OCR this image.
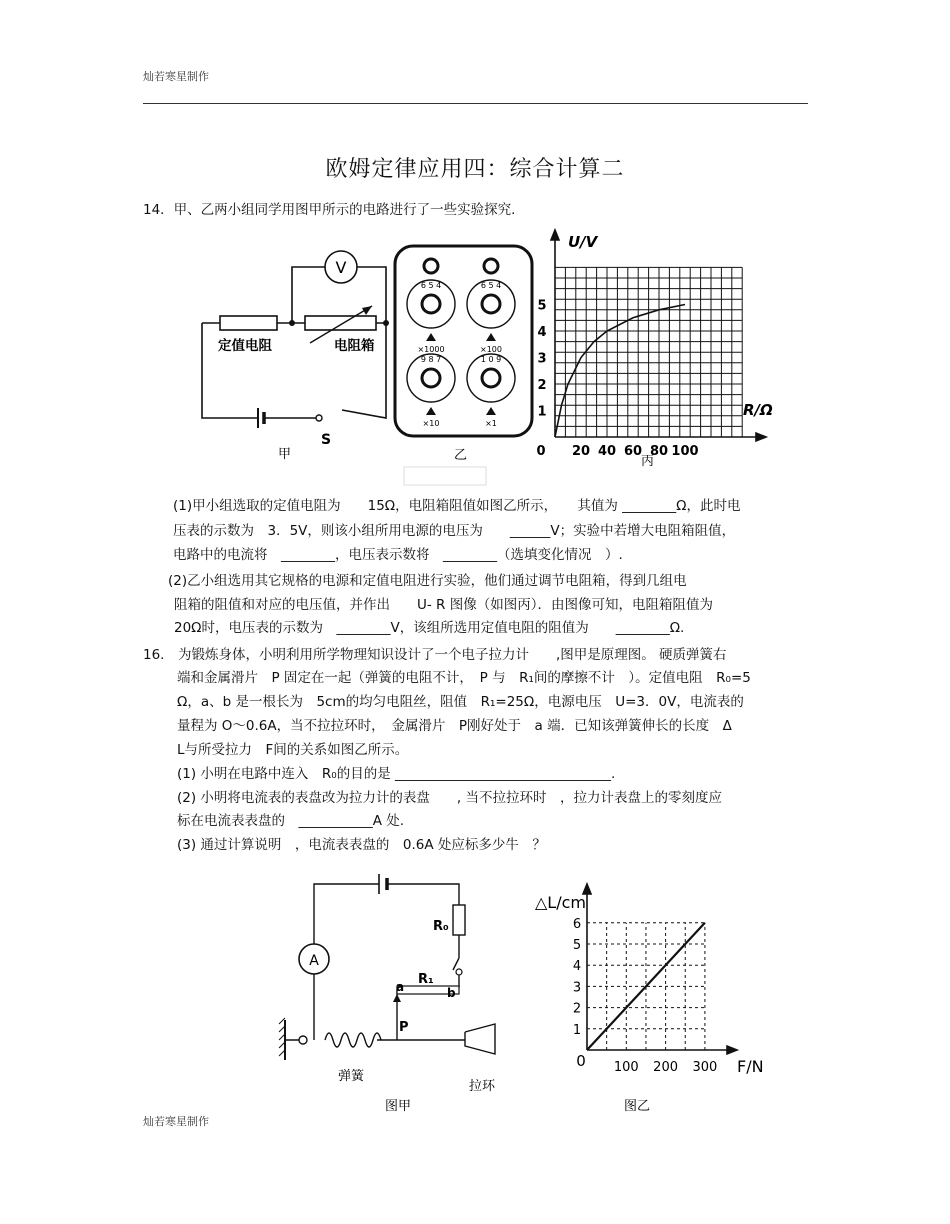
灿若寒星制作
欧姆定律应用四：综合计算二
14．甲、乙两小组同学用图甲所示的电路进行了一些实验探究.
V
定值电阻	电阻箱
S
甲
6 5 4
×1000
6 5 4
×100
9 8 7
×10
1 0 9
×1
乙	0 20 40 60 80 100
1
2
3
4
5
U/V
R/Ω
丙
(1)甲小组选取的定值电阻为　　15Ω，电阻箱阻值如图乙所示，　　其值为 ________Ω，此时电
压表的示数为　3．5V，则该小组所用电源的电压为　　______V；实验中若增大电阻箱阻值，
电路中的电流将　________，电压表示数将　________（选填变化情况　）.
(2)乙小组选用其它规格的电源和定值电阻进行实验，他们通过调节电阻箱，得到几组电
阻箱的阻值和对应的电压值，并作出　　U- R 图像（如图丙）．由图像可知，电阻箱阻值为
20Ω时，电压表的示数为　________V，该组所选用定值电阻的阻值为　　________Ω.
16.　为锻炼身体，小明利用所学物理知识设计了一个电子拉力计　　,图甲是原理图。 硬质弹簧右
端和金属滑片　P 固定在一起（弹簧的电阻不计，　P 与　R₁间的摩擦不计　）。定值电阻　R₀=5
Ω，a、b 是一根长为　5cm的均匀电阻丝，阻值　R₁=25Ω，电源电压　U=3．0V，电流表的
量程为 O～0.6A，当不拉拉环时，　金属滑片　P刚好处于　a 端．已知该弹簧伸长的长度　Δ
L与所受拉力　F间的关系如图乙所示。
(1) 小明在电路中连入　R₀的目的是 ________________________________.
(2) 小明将电流表的表盘改为拉力计的表盘　　, 当不拉拉环时　，拉力计表盘上的零刻度应
标在电流表表盘的　___________A 处.
(3) 通过计算说明　，电流表表盘的　0.6A 处应标多少牛　？
A
R₀
R₁
a	b
P
弹簧
拉环
图甲
0 100 200 300
1
2
3
4
5
6
△L/cm
F/N
图乙
灿若寒星制作
